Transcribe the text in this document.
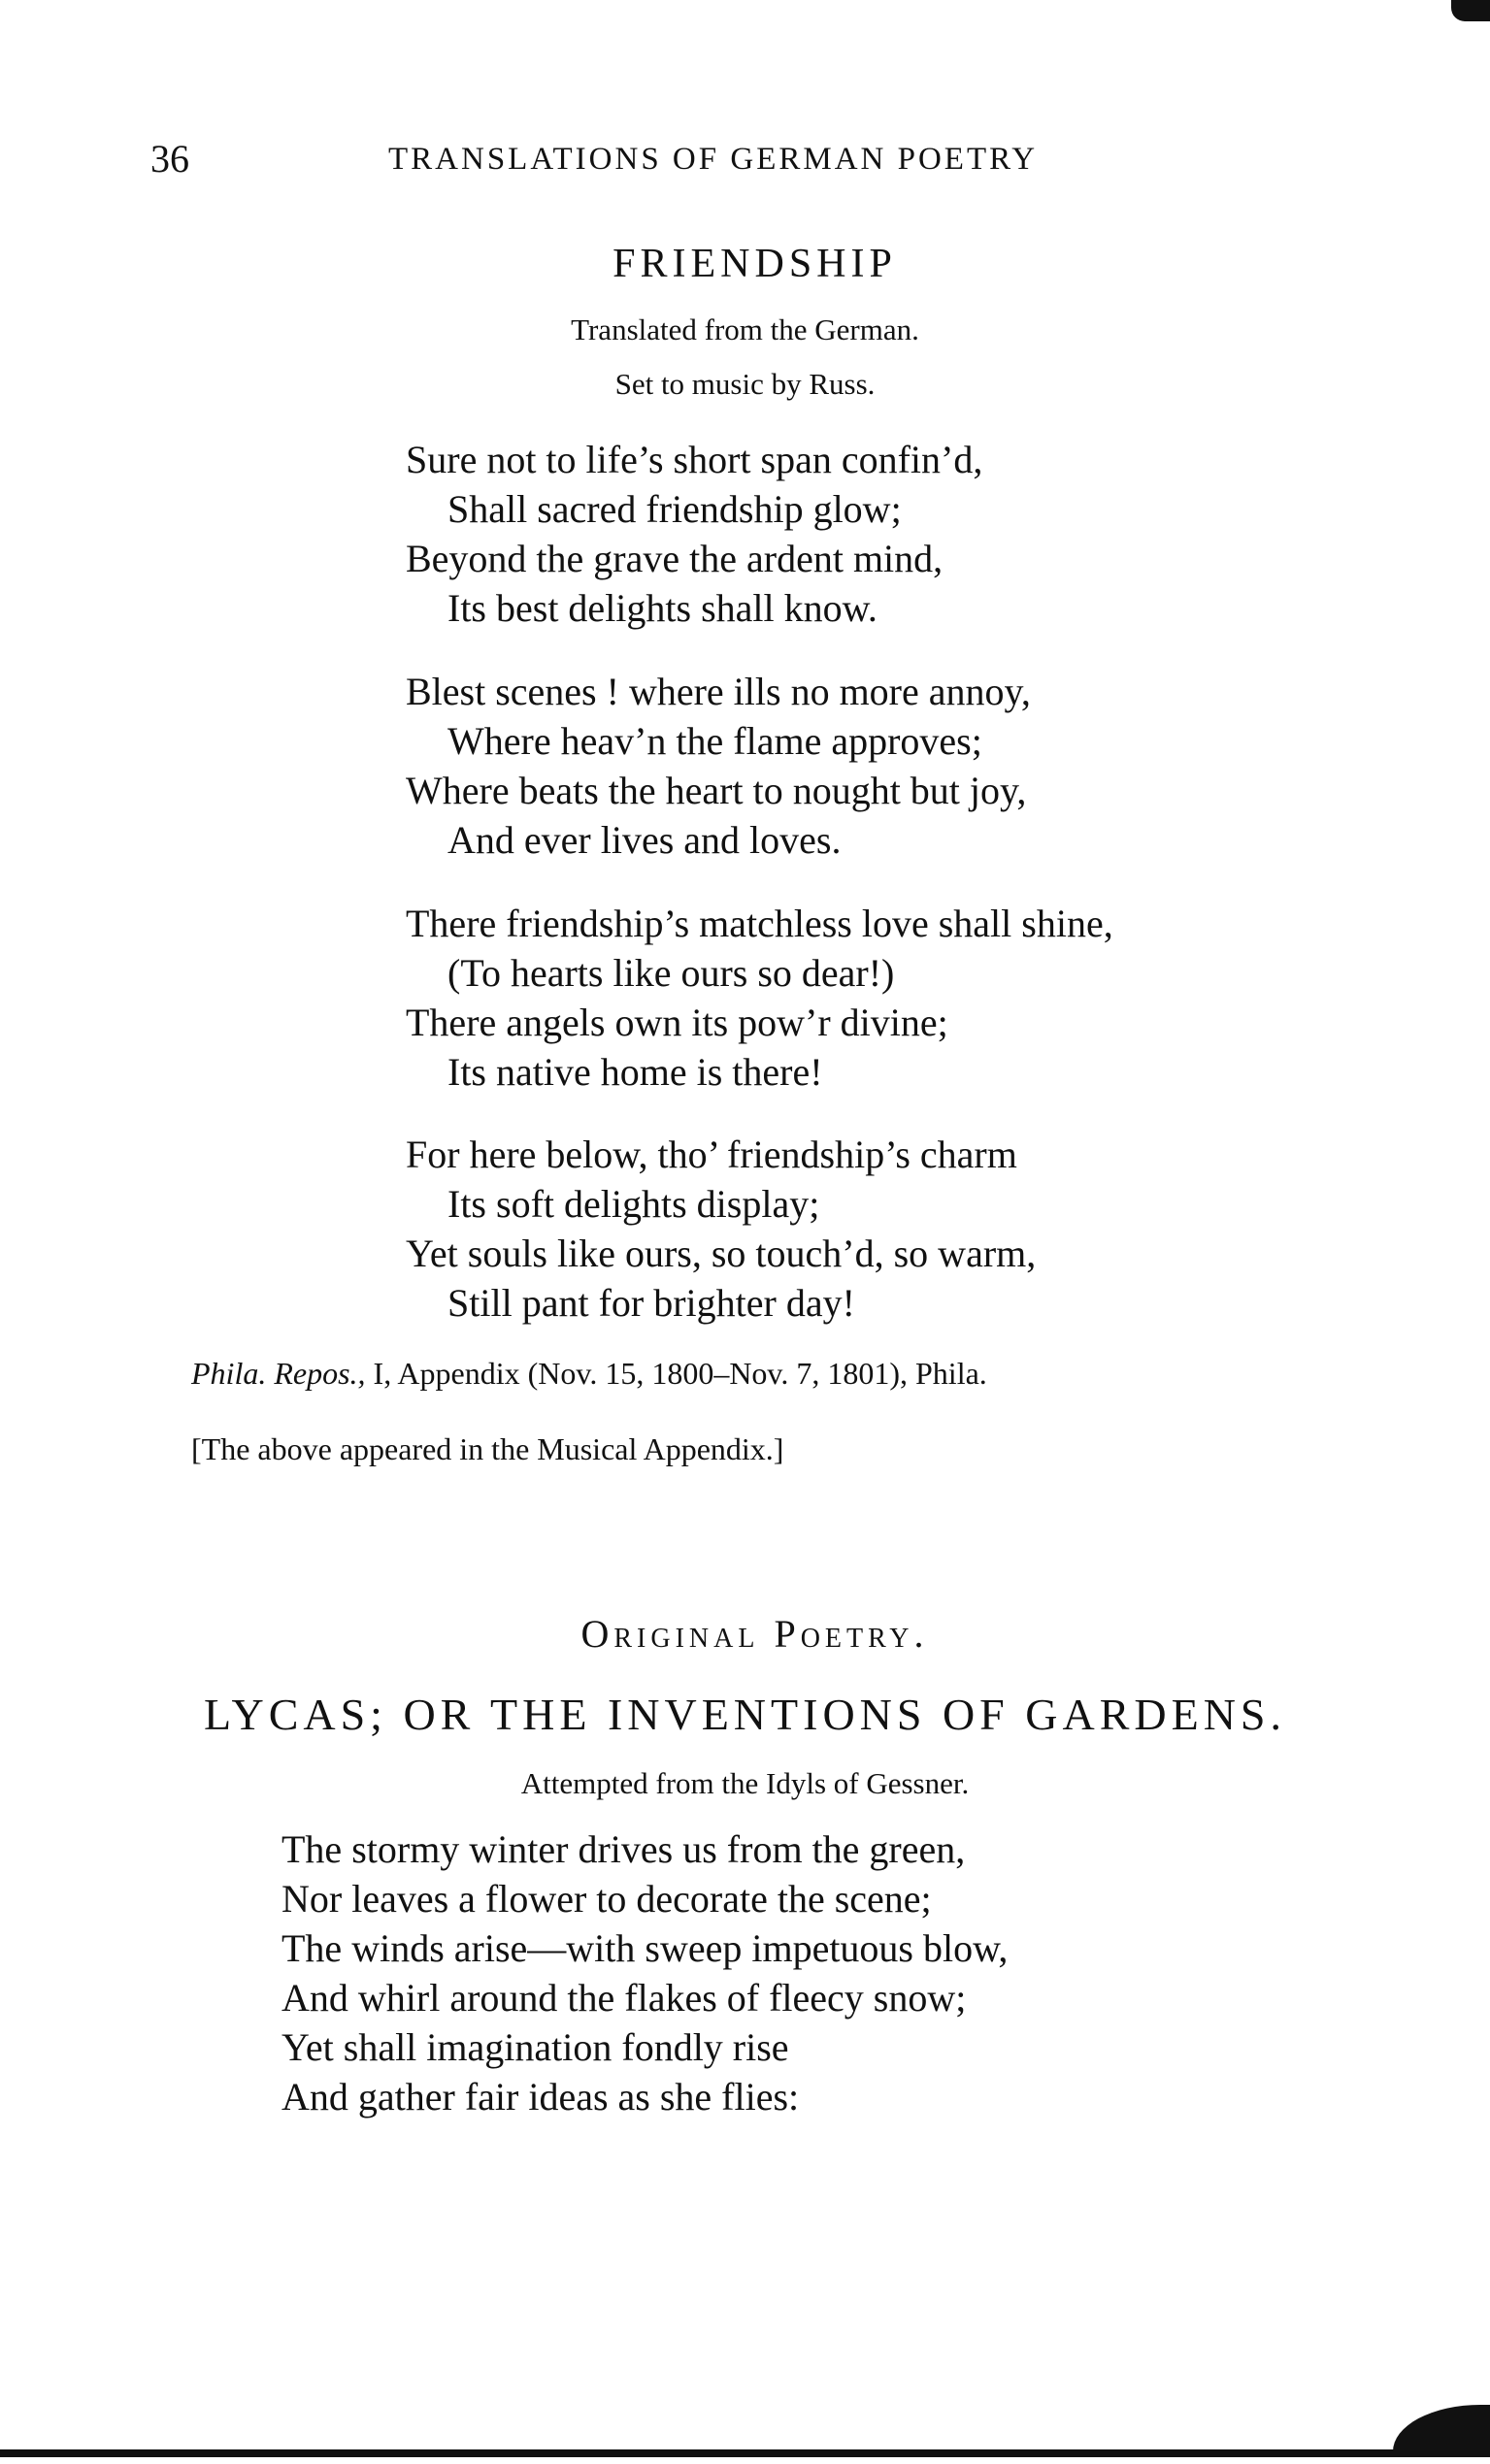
36	TRANSLATIONS OF GERMAN POETRY
FRIENDSHIP
Translated from the German.
Set to music by Russ.
Sure not to life’s short span confin’d,
Shall sacred friendship glow;
Beyond the grave the ardent mind,
Its best delights shall know.
Blest scenes ! where ills no more annoy,
Where heav’n the flame approves;
Where beats the heart to nought but joy,
And ever lives and loves.
There friendship’s matchless love shall shine,
(To hearts like ours so dear!)
There angels own its pow’r divine;
Its native home is there!
For here below, tho’ friendship’s charm
Its soft delights display;
Yet souls like ours, so touch’d, so warm,
Still pant for brighter day!
Phila. Repos., I, Appendix (Nov. 15, 1800–Nov. 7, 1801), Phila.
[The above appeared in the Musical Appendix.]
Original Poetry.
LYCAS; OR THE INVENTIONS OF GARDENS.
Attempted from the Idyls of Gessner.
The stormy winter drives us from the green,
Nor leaves a flower to decorate the scene;
The winds arise—with sweep impetuous blow,
And whirl around the flakes of fleecy snow;
Yet shall imagination fondly rise
And gather fair ideas as she flies:
